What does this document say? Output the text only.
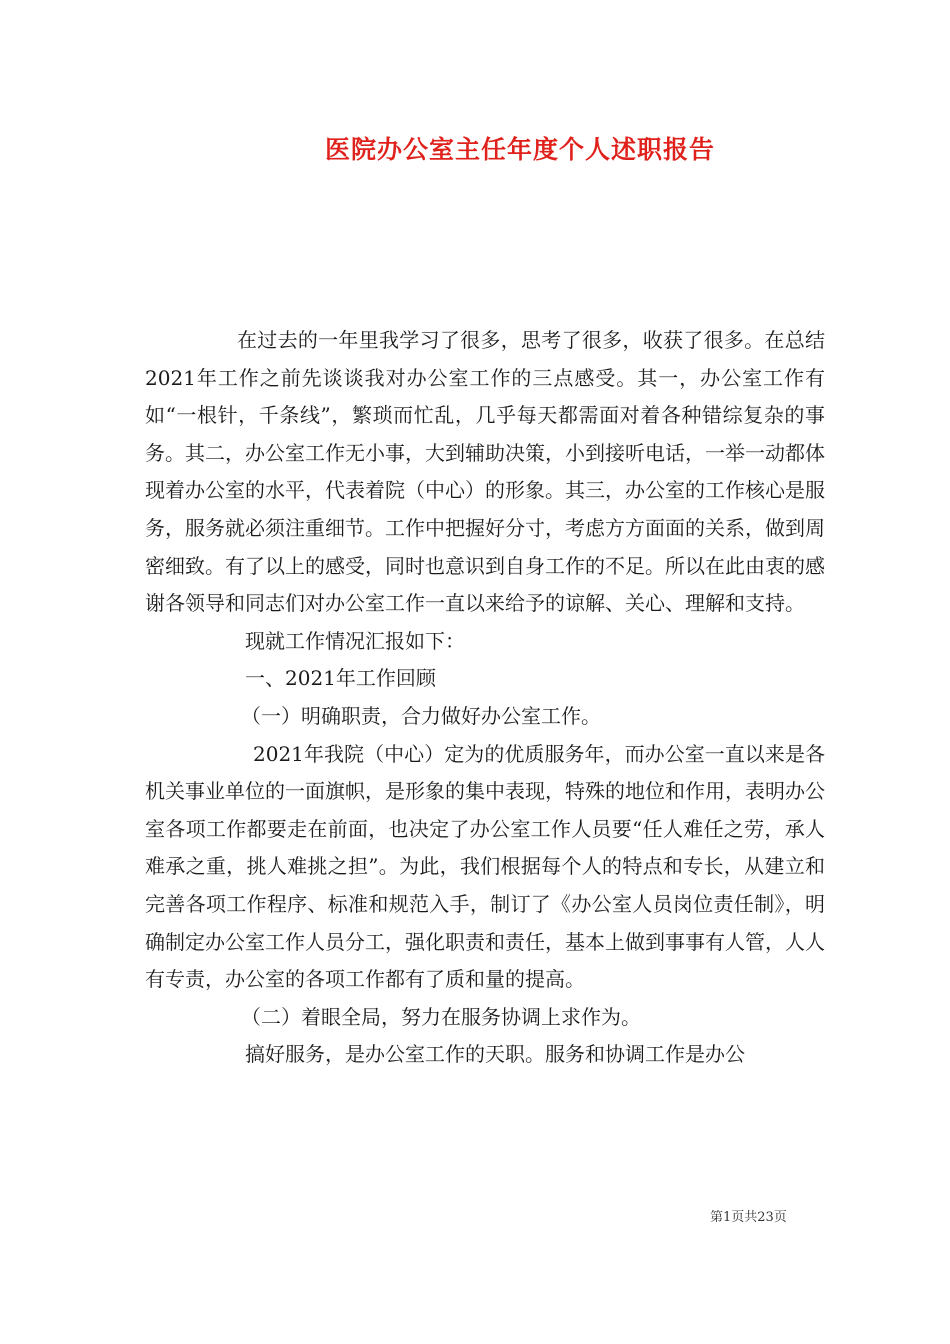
医院办公室主任年度个人述职报告

在过去的一年里我学习了很多，思考了很多，收获了很多。在总结2021年工作之前先谈谈我对办公室工作的三点感受。其一，办公室工作有如“一根针，千条线”，繁琐而忙乱，几乎每天都需面对着各种错综复杂的事务。其二，办公室工作无小事，大到辅助决策，小到接听电话，一举一动都体现着办公室的水平，代表着院（中心）的形象。其三，办公室的工作核心是服务，服务就必须注重细节。工作中把握好分寸，考虑方方面面的关系，做到周密细致。有了以上的感受，同时也意识到自身工作的不足。所以在此由衷的感谢各领导和同志们对办公室工作一直以来给予的谅解、关心、理解和支持。

现就工作情况汇报如下：

一、2021年工作回顾

（一）明确职责，合力做好办公室工作。

2021年我院（中心）定为的优质服务年，而办公室一直以来是各机关事业单位的一面旗帜，是形象的集中表现，特殊的地位和作用，表明办公室各项工作都要走在前面，也决定了办公室工作人员要“任人难任之劳，承人难承之重，挑人难挑之担”。为此，我们根据每个人的特点和专长，从建立和完善各项工作程序、标准和规范入手，制订了《办公室人员岗位责任制》，明确制定办公室工作人员分工，强化职责和责任，基本上做到事事有人管，人人有专责，办公室的各项工作都有了质和量的提高。

（二）着眼全局，努力在服务协调上求作为。

搞好服务，是办公室工作的天职。服务和协调工作是办公

第1页共23页
